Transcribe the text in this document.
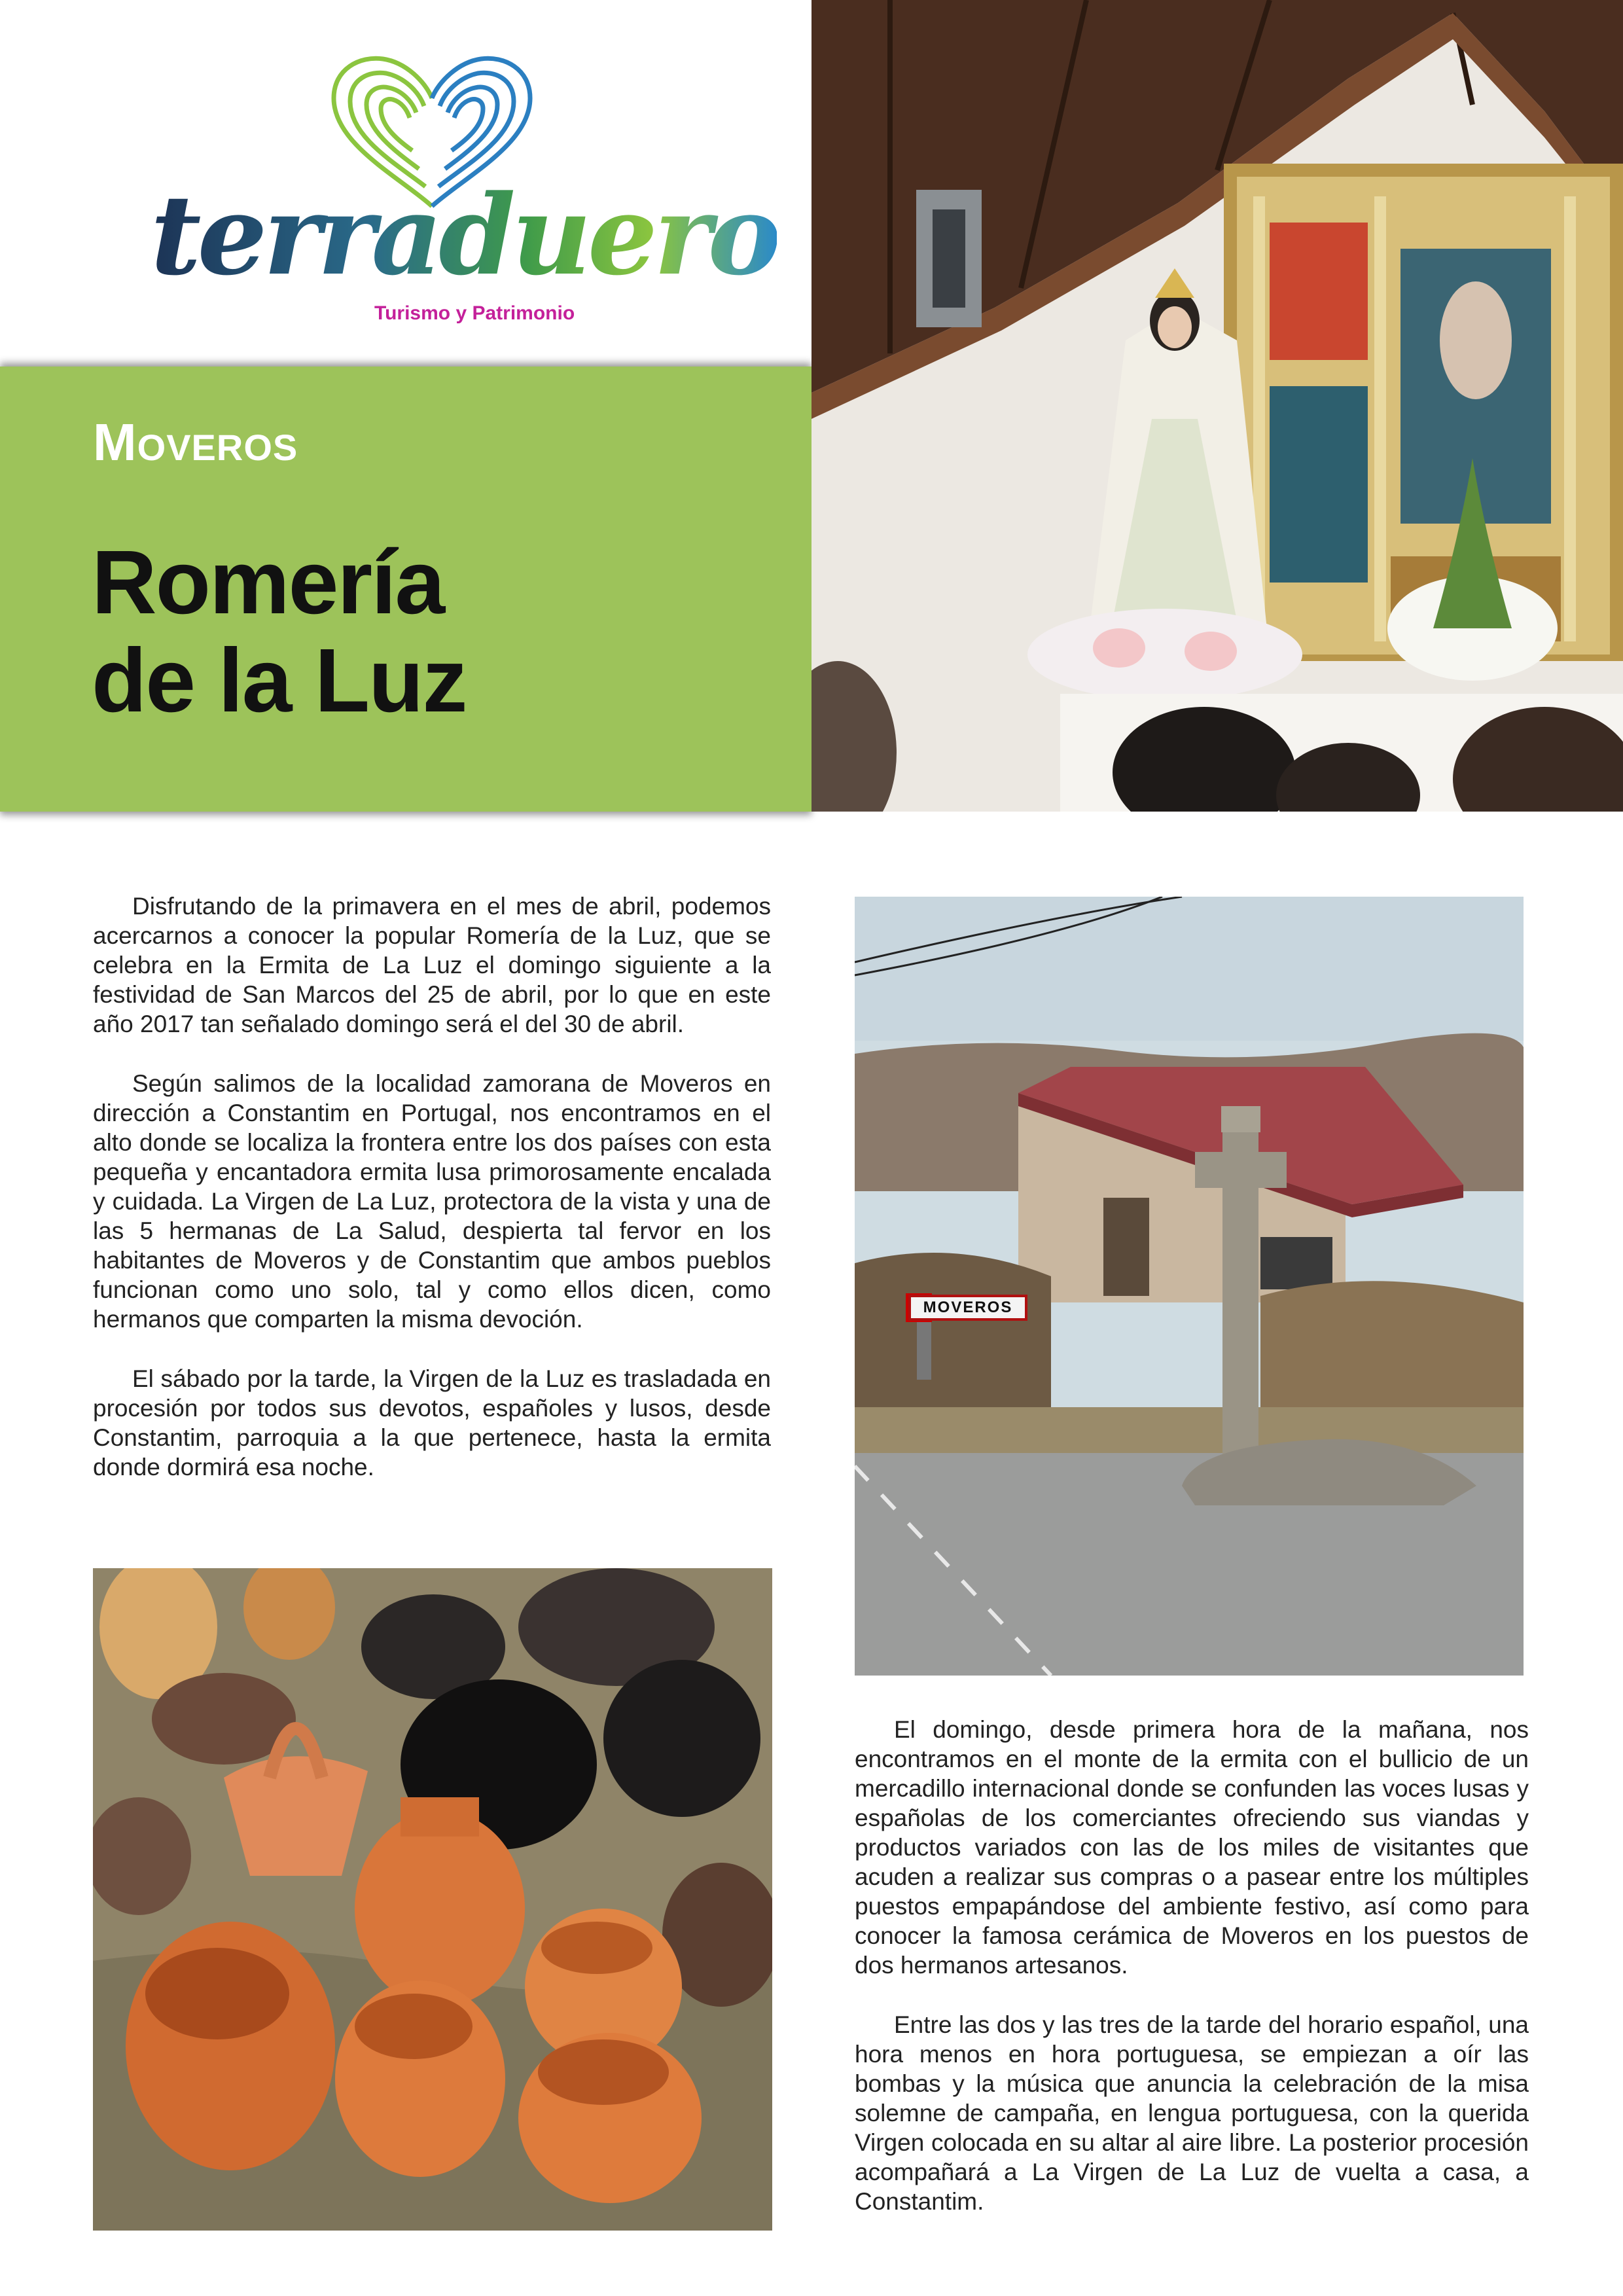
terraduero
Turismo y Patrimonio
Moveros
Romería
de la Luz

Disfrutando de la primavera en el mes de abril, podemos acercarnos a conocer la popular Romería de la Luz, que se celebra en la Ermita de La Luz el domingo siguiente a la festividad de San Marcos del 25 de abril, por lo que en este año 2017 tan señalado domingo será el del 30 de abril.

Según salimos de la localidad zamorana de Moveros en dirección a Constantim en Portugal, nos encontramos en el alto donde se localiza la frontera entre los dos países con esta pequeña y encantadora ermita lusa primorosamente encalada y cuidada. La Virgen de La Luz, protectora de la vista y una de las 5 hermanas de La Salud, despierta tal fervor en los habitantes de Moveros y de Constantim que ambos pueblos funcionan como uno solo, tal y como ellos dicen, como hermanos que comparten la misma devoción.

El sábado por la tarde, la Virgen de la Luz es trasladada en procesión por todos sus devotos, españoles y lusos, desde Constantim, parroquia a la que pertenece, hasta la ermita donde dormirá esa noche.

MOVEROS

El domingo, desde primera hora de la mañana, nos encontramos en el monte de la ermita con el bullicio de un mercadillo internacional donde se confunden las voces lusas y españolas de los comerciantes ofreciendo sus viandas y productos variados con las de los miles de visitantes que acuden a realizar sus compras o a pasear entre los múltiples puestos empapándose del ambiente festivo, así como para conocer la famosa cerámica de Moveros en los puestos de dos hermanos artesanos.

Entre las dos y las tres de la tarde del horario español, una hora menos en hora portuguesa, se empiezan a oír las bombas y la música que anuncia la celebración de la misa solemne de campaña, en lengua portuguesa, con la querida Virgen colocada en su altar al aire libre. La posterior procesión acompañará a La Virgen de La Luz de vuelta a casa, a Constantim.
